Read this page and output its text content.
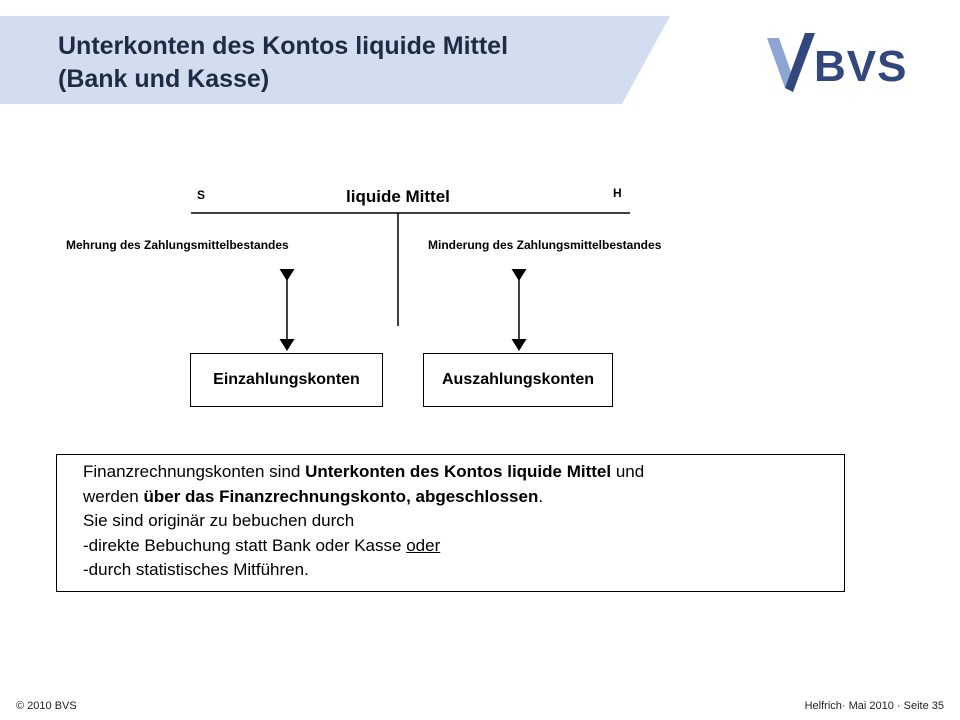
Unterkonten des Kontos liquide Mittel
(Bank und Kasse)	BVS
S	H
liquide Mittel
Mehrung des Zahlungsmittelbestandes	Minderung des Zahlungsmittelbestandes
Einzahlungskonten	Auszahlungskonten
Finanzrechnungskonten sind Unterkonten des Kontos liquide Mittel und
werden über das Finanzrechnungskonto, abgeschlossen.
Sie sind originär zu bebuchen durch
-direkte Bebuchung statt Bank oder Kasse oder
-durch statistisches Mitführen.
© 2010 BVS	Helfrich· Mai 2010 · Seite 35
